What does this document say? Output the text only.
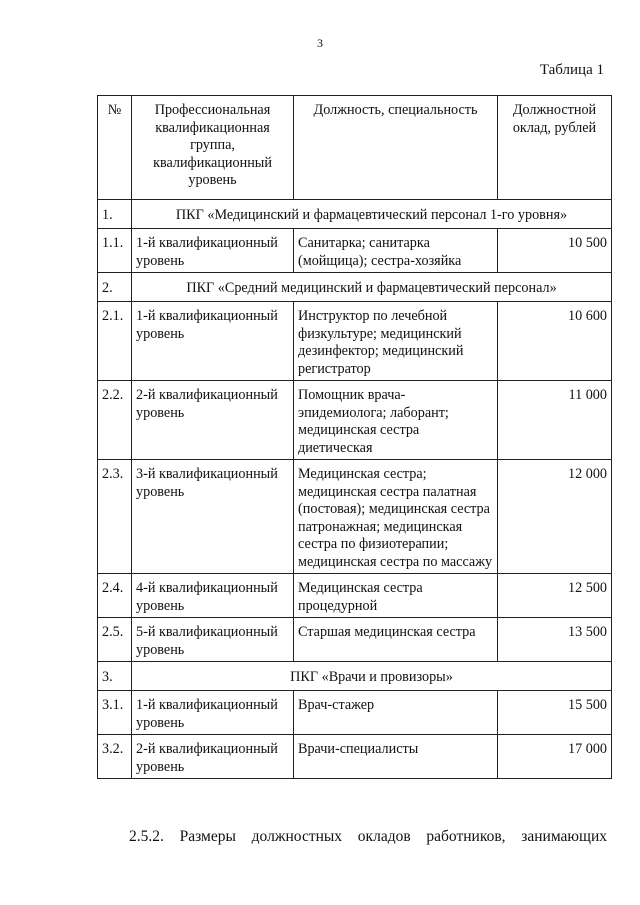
3
Таблица 1
№	Профессиональная квалификационная группа, квалификационный уровень	Должность, специальность	Должностной оклад, рублей
1.	ПКГ «Медицинский и фармацевтический персонал 1-го уровня»		
1.1.	1-й квалификационный уровень	Санитарка; санитарка (мойщица); сестра-хозяйка	10 500
2.	ПКГ «Средний медицинский и фармацевтический персонал»		
2.1.	1-й квалификационный уровень	Инструктор по лечебной физкультуре; медицинский дезинфектор; медицинский регистратор	10 600
2.2.	2-й квалификационный уровень	Помощник врача-эпидемиолога; лаборант; медицинская сестра диетическая	11 000
2.3.	3-й квалификационный уровень	Медицинская сестра; медицинская сестра палатная (постовая); медицинская сестра патронажная; медицинская сестра по физиотерапии; медицинская сестра по массажу	12 000
2.4.	4-й квалификационный уровень	Медицинская сестра процедурной	12 500
2.5.	5-й квалификационный уровень	Старшая медицинская сестра	13 500
3.	ПКГ «Врачи и провизоры»		
3.1.	1-й квалификационный уровень	Врач-стажер	15 500
3.2.	2-й квалификационный уровень	Врачи-специалисты	17 000
2.5.2. Размеры должностных окладов работников, занимающих
